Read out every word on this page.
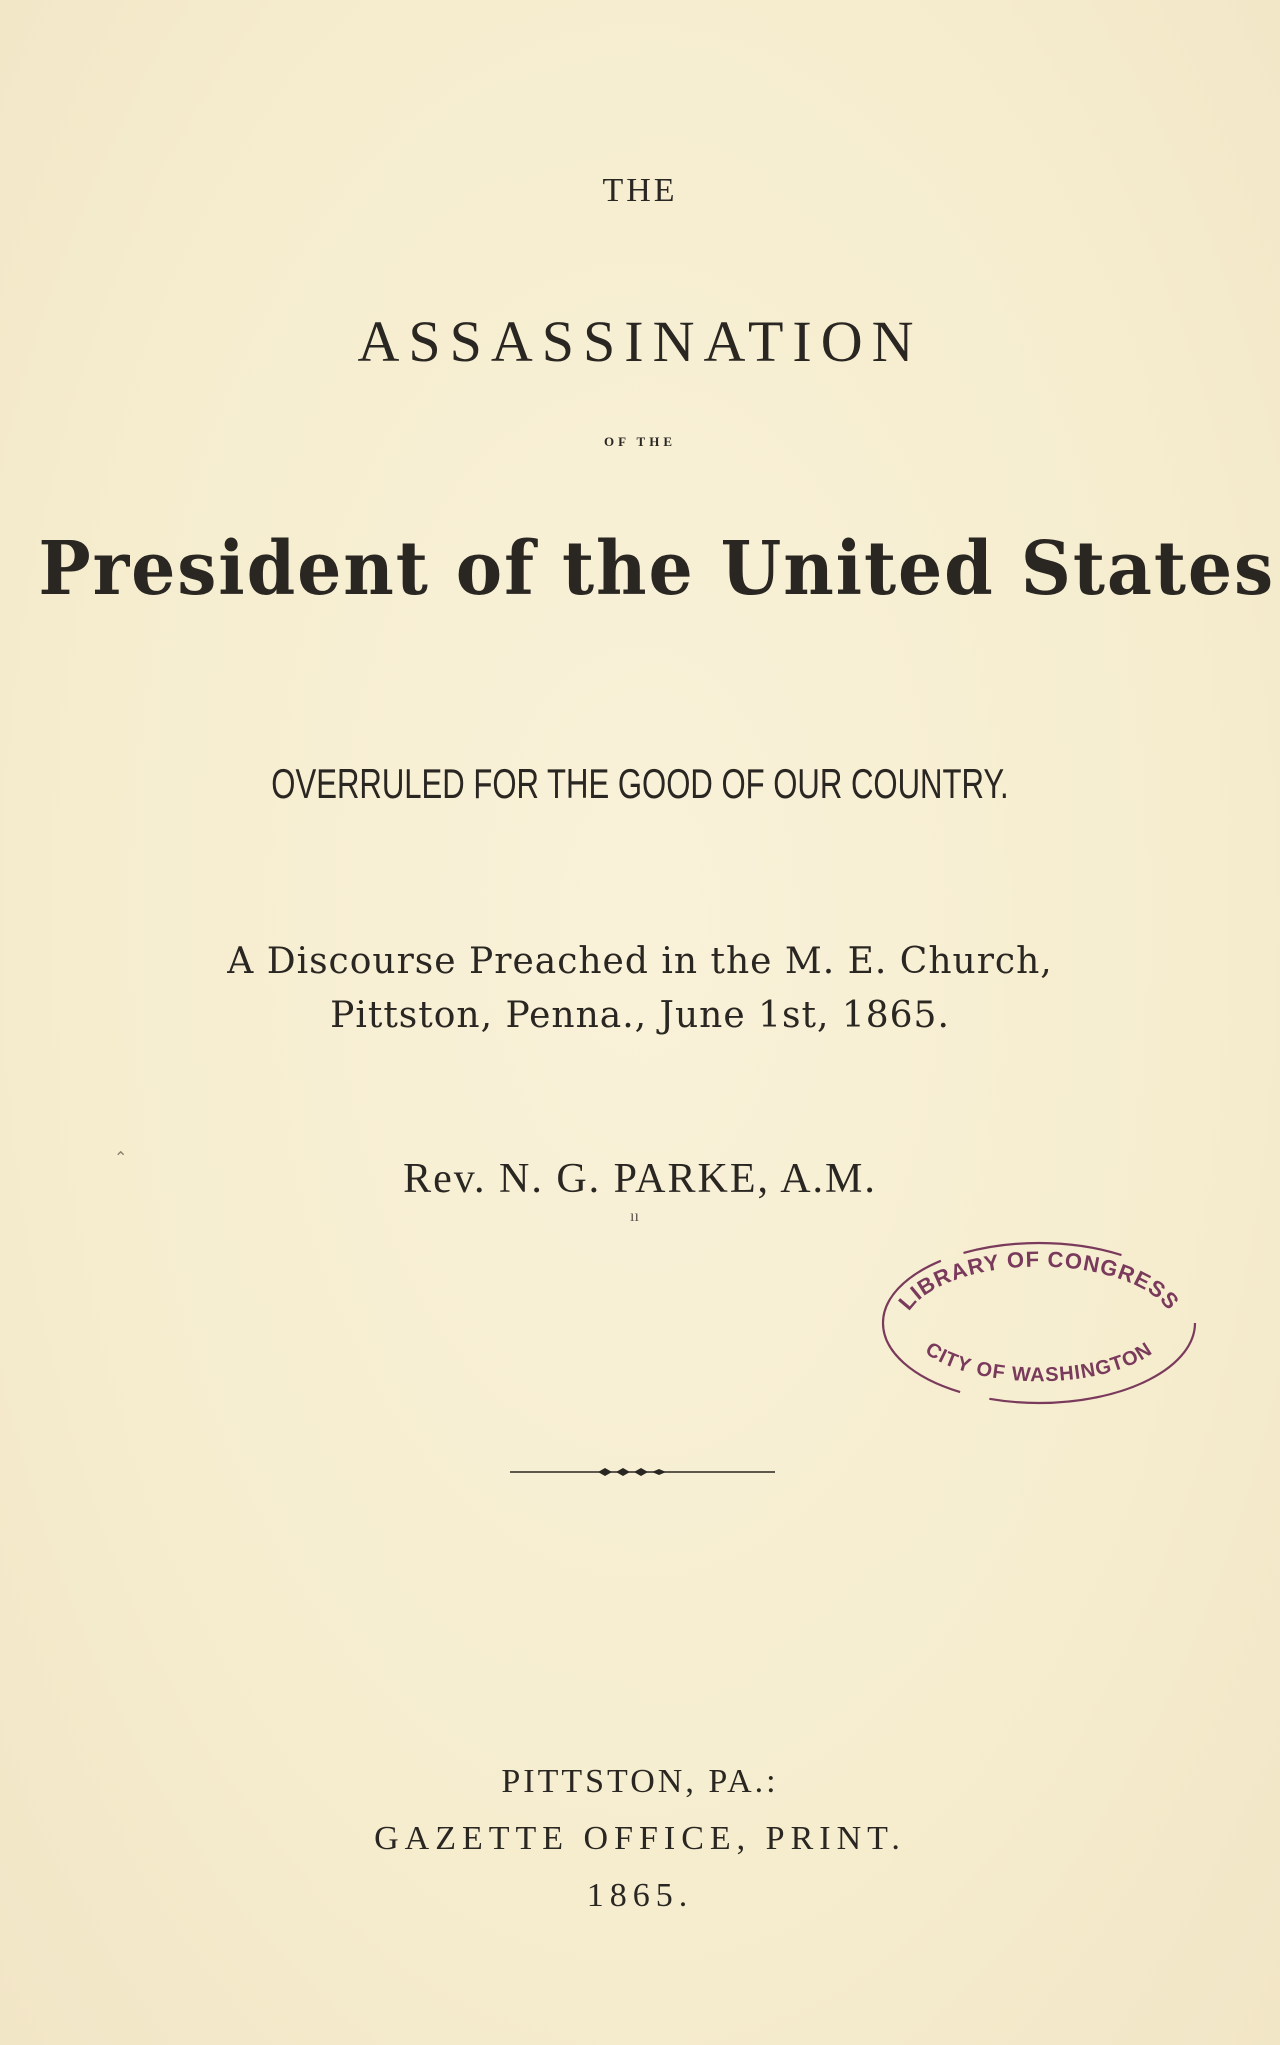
THE
ASSASSINATION
OF THE
President of the United States
OVERRULED FOR THE GOOD OF OUR COUNTRY.
A Discourse Preached in the M. E. Church,
Pittston, Penna., June 1st, 1865.
Rev. N. G. PARKE, A.M.
ıı
⌃
LIBRARY OF CONGRESS
CITY OF WASHINGTON
PITTSTON, PA.:
GAZETTE OFFICE, PRINT.
1865.
